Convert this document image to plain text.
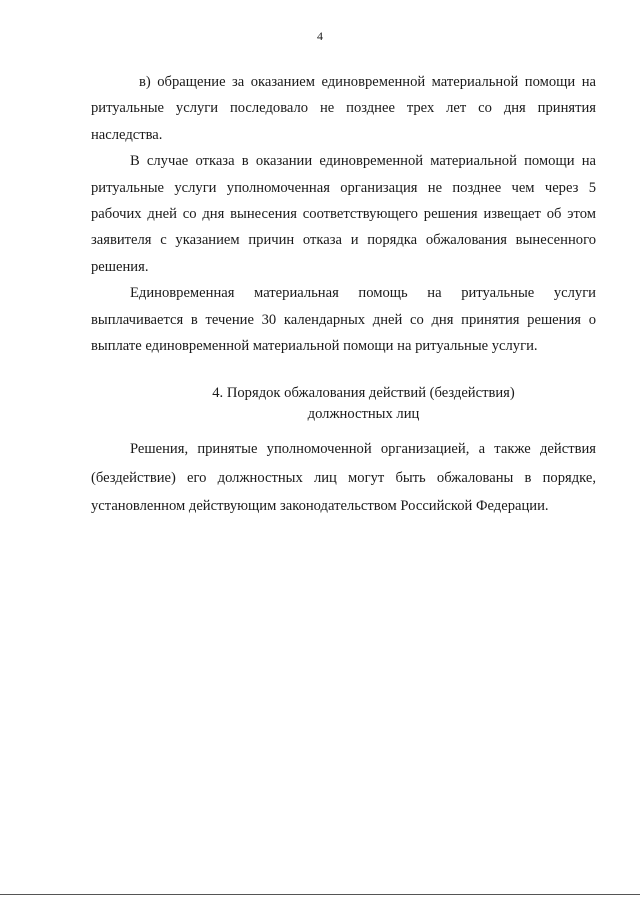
4

в) обращение за оказанием единовременной материальной помощи на ритуальные услуги последовало не позднее трех лет со дня принятия наследства.

В случае отказа в оказании единовременной материальной помощи на ритуальные услуги уполномоченная организация не позднее чем через 5 рабочих дней со дня вынесения соответствующего решения извещает об этом заявителя с указанием причин отказа и порядка обжалования вынесенного решения.

Единовременная материальная помощь на ритуальные услуги выплачивается в течение 30 календарных дней со дня принятия решения о выплате единовременной материальной помощи на ритуальные услуги.

4. Порядок обжалования действий (бездействия)
должностных лиц

Решения, принятые уполномоченной организацией, а также действия (бездействие) его должностных лиц могут быть обжалованы в порядке, установленном действующим законодательством Российской Федерации.
